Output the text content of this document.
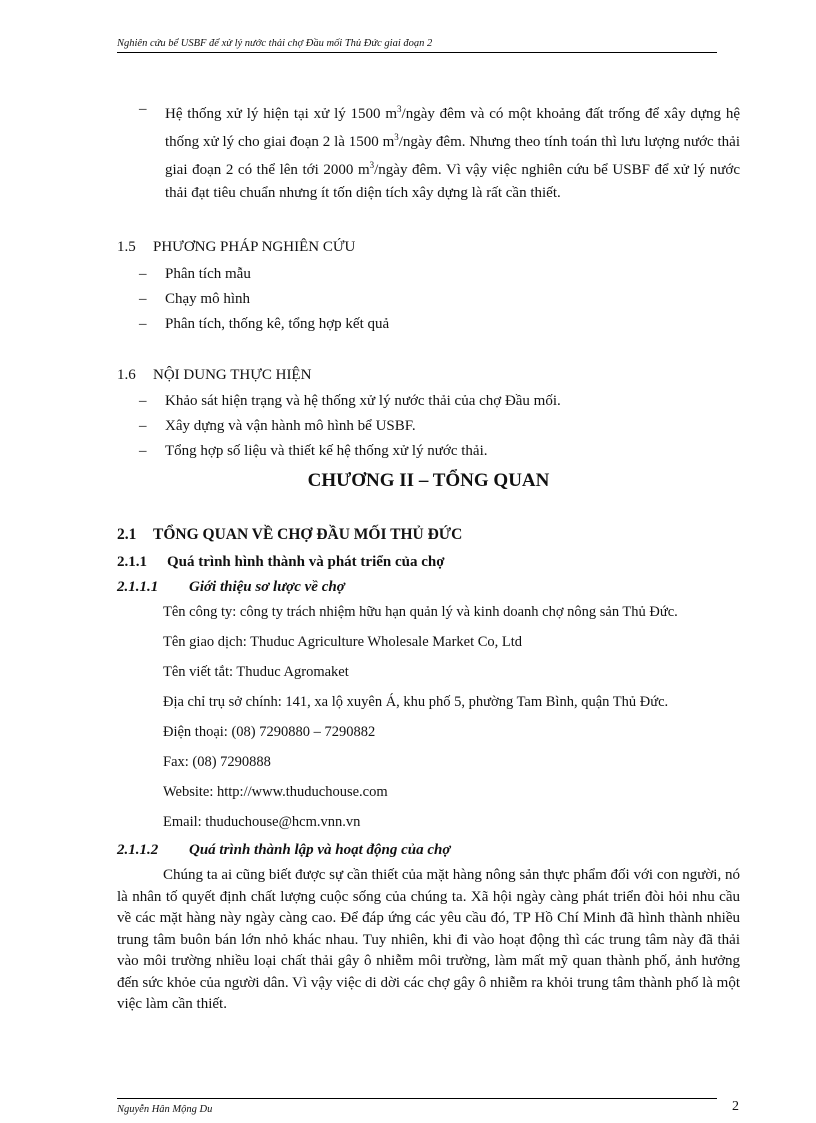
Nghiên cứu bể USBF để xử lý nước thải chợ Đầu mối Thủ Đức giai đoạn 2
– Hệ thống xử lý hiện tại xử lý 1500 $m^3$/ngày đêm và có một khoảng đất trống để xây dựng hệ thống xử lý cho giai đoạn 2 là 1500 $m^3$/ngày đêm. Nhưng theo tính toán thì lưu lượng nước thải giai đoạn 2 có thể lên tới 2000 $m^3$/ngày đêm. Vì vậy việc nghiên cứu bể USBF để xử lý nước thải đạt tiêu chuẩn nhưng ít tốn diện tích xây dựng là rất cần thiết.

1.5	PHƯƠNG PHÁP NGHIÊN CỨU
– Phân tích mẫu
– Chạy mô hình
– Phân tích, thống kê, tổng hợp kết quả
1.6	NỘI DUNG THỰC HIỆN
– Khảo sát hiện trạng và hệ thống xử lý nước thải của chợ Đầu mối.
– Xây dựng và vận hành mô hình bể USBF.
– Tổng hợp số liệu và thiết kế hệ thống xử lý nước thải.
CHƯƠNG II – TỔNG QUAN
2.1	TỔNG QUAN VỀ CHỢ ĐẦU MỐI THỦ ĐỨC
2.1.1	Quá trình hình thành và phát triển của chợ
2.1.1.1	Giới thiệu sơ lược về chợ

Tên công ty: công ty trách nhiệm hữu hạn quản lý và kinh doanh chợ nông sản Thủ Đức.

Tên giao dịch: Thuduc Agriculture Wholesale Market Co, Ltd

Tên viết tắt: Thuduc Agromaket

Địa chỉ trụ sở chính: 141, xa lộ xuyên Á, khu phố 5, phường Tam Bình, quận Thủ Đức.

Điện thoại: (08) 7290880 – 7290882

Fax: (08) 7290888

Website: http://www.thuduchouse.com

Email: thuduchouse@hcm.vnn.vn

2.1.1.2	Quá trình thành lập và hoạt động của chợ

Chúng ta ai cũng biết được sự cần thiết của mặt hàng nông sản thực phẩm đối với con người, nó là nhân tố quyết định chất lượng cuộc sống của chúng ta. Xã hội ngày càng phát triển đòi hỏi nhu cầu về các mặt hàng này ngày càng cao. Để đáp ứng các yêu cầu đó, TP Hồ Chí Minh đã hình thành nhiều trung tâm buôn bán lớn nhỏ khác nhau. Tuy nhiên, khi đi vào hoạt động thì các trung tâm này đã thải vào môi trường nhiều loại chất thải gây ô nhiễm môi trường, làm mất mỹ quan thành phố, ảnh hưởng đến sức khỏe của người dân. Vì vậy việc di dời các chợ gây ô nhiễm ra khỏi trung tâm thành phố là một việc làm cần thiết.

Nguyễn Hân Mộng Du	2
